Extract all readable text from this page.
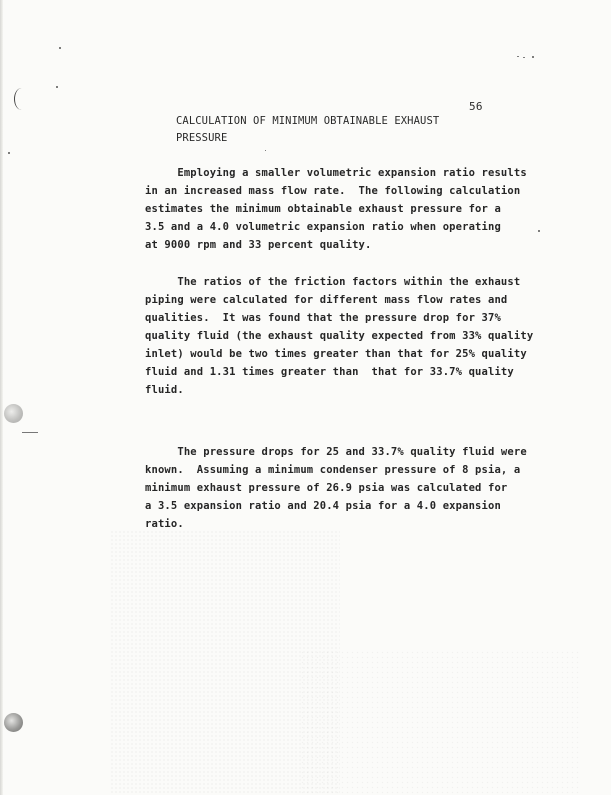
56
CALCULATION OF MINIMUM OBTAINABLE EXHAUST
PRESSURE
Employing a smaller volumetric expansion ratio results
in an increased mass flow rate.  The following calculation
estimates the minimum obtainable exhaust pressure for a
3.5 and a 4.0 volumetric expansion ratio when operating
at 9000 rpm and 33 percent quality.
The ratios of the friction factors within the exhaust
piping were calculated for different mass flow rates and
qualities.  It was found that the pressure drop for 37%
quality fluid (the exhaust quality expected from 33% quality
inlet) would be two times greater than that for 25% quality
fluid and 1.31 times greater than  that for 33.7% quality
fluid.
The pressure drops for 25 and 33.7% quality fluid were
known.  Assuming a minimum condenser pressure of 8 psia, a
minimum exhaust pressure of 26.9 psia was calculated for
a 3.5 expansion ratio and 20.4 psia for a 4.0 expansion
ratio.
